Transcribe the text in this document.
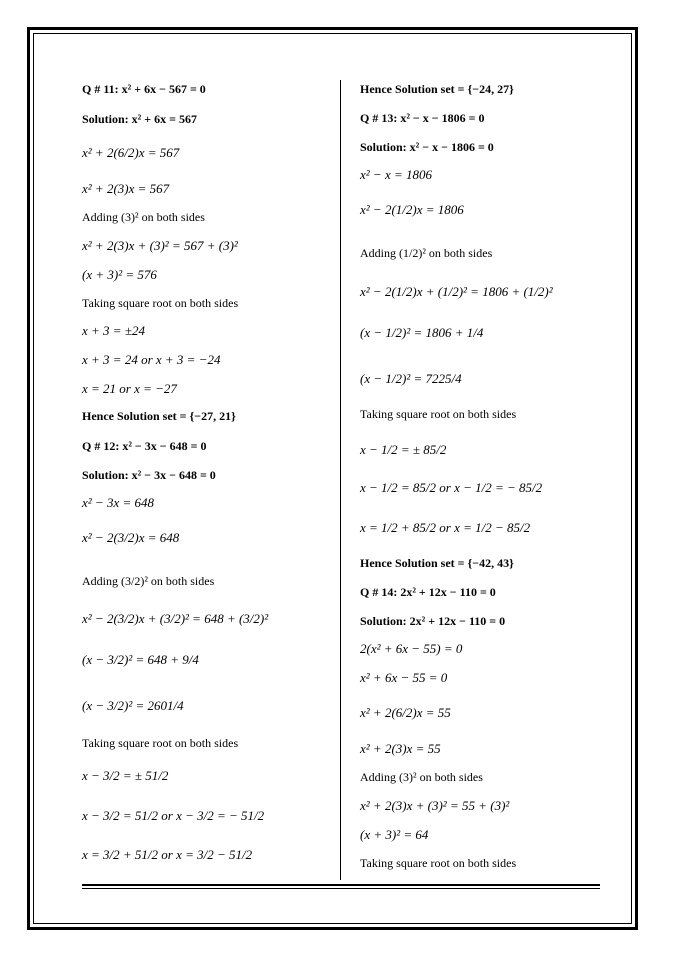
Q # 11: x² + 6x − 567 = 0
Solution: x² + 6x = 567
x² + 2(6/2)x = 567
x² + 2(3)x = 567
Adding (3)² on both sides
x² + 2(3)x + (3)² = 567 + (3)²
(x + 3)² = 576
Taking square root on both sides
x + 3 = ±24
x + 3 = 24 or x + 3 = −24
x = 21 or x = −27
Hence Solution set = {−27, 21}
Q # 12: x² − 3x − 648 = 0
Solution: x² − 3x − 648 = 0
x² − 3x = 648
x² − 2(3/2)x = 648
Adding (3/2)² on both sides
x² − 2(3/2)x + (3/2)² = 648 + (3/2)²
(x − 3/2)² = 648 + 9/4
(x − 3/2)² = 2601/4
Taking square root on both sides
x − 3/2 = ± 51/2
x − 3/2 = 51/2 or x − 3/2 = − 51/2
x = 3/2 + 51/2 or x = 3/2 − 51/2
Hence Solution set = {−24, 27}
Q # 13: x² − x − 1806 = 0
Solution: x² − x − 1806 = 0
x² − x = 1806
x² − 2(1/2)x = 1806
Adding (1/2)² on both sides
x² − 2(1/2)x + (1/2)² = 1806 + (1/2)²
(x − 1/2)² = 1806 + 1/4
(x − 1/2)² = 7225/4
Taking square root on both sides
x − 1/2 = ± 85/2
x − 1/2 = 85/2 or x − 1/2 = − 85/2
x = 1/2 + 85/2 or x = 1/2 − 85/2
Hence Solution set = {−42, 43}
Q # 14: 2x² + 12x − 110 = 0
Solution: 2x² + 12x − 110 = 0
2(x² + 6x − 55) = 0
x² + 6x − 55 = 0
x² + 2(6/2)x = 55
x² + 2(3)x = 55
Adding (3)² on both sides
x² + 2(3)x + (3)² = 55 + (3)²
(x + 3)² = 64
Taking square root on both sides
